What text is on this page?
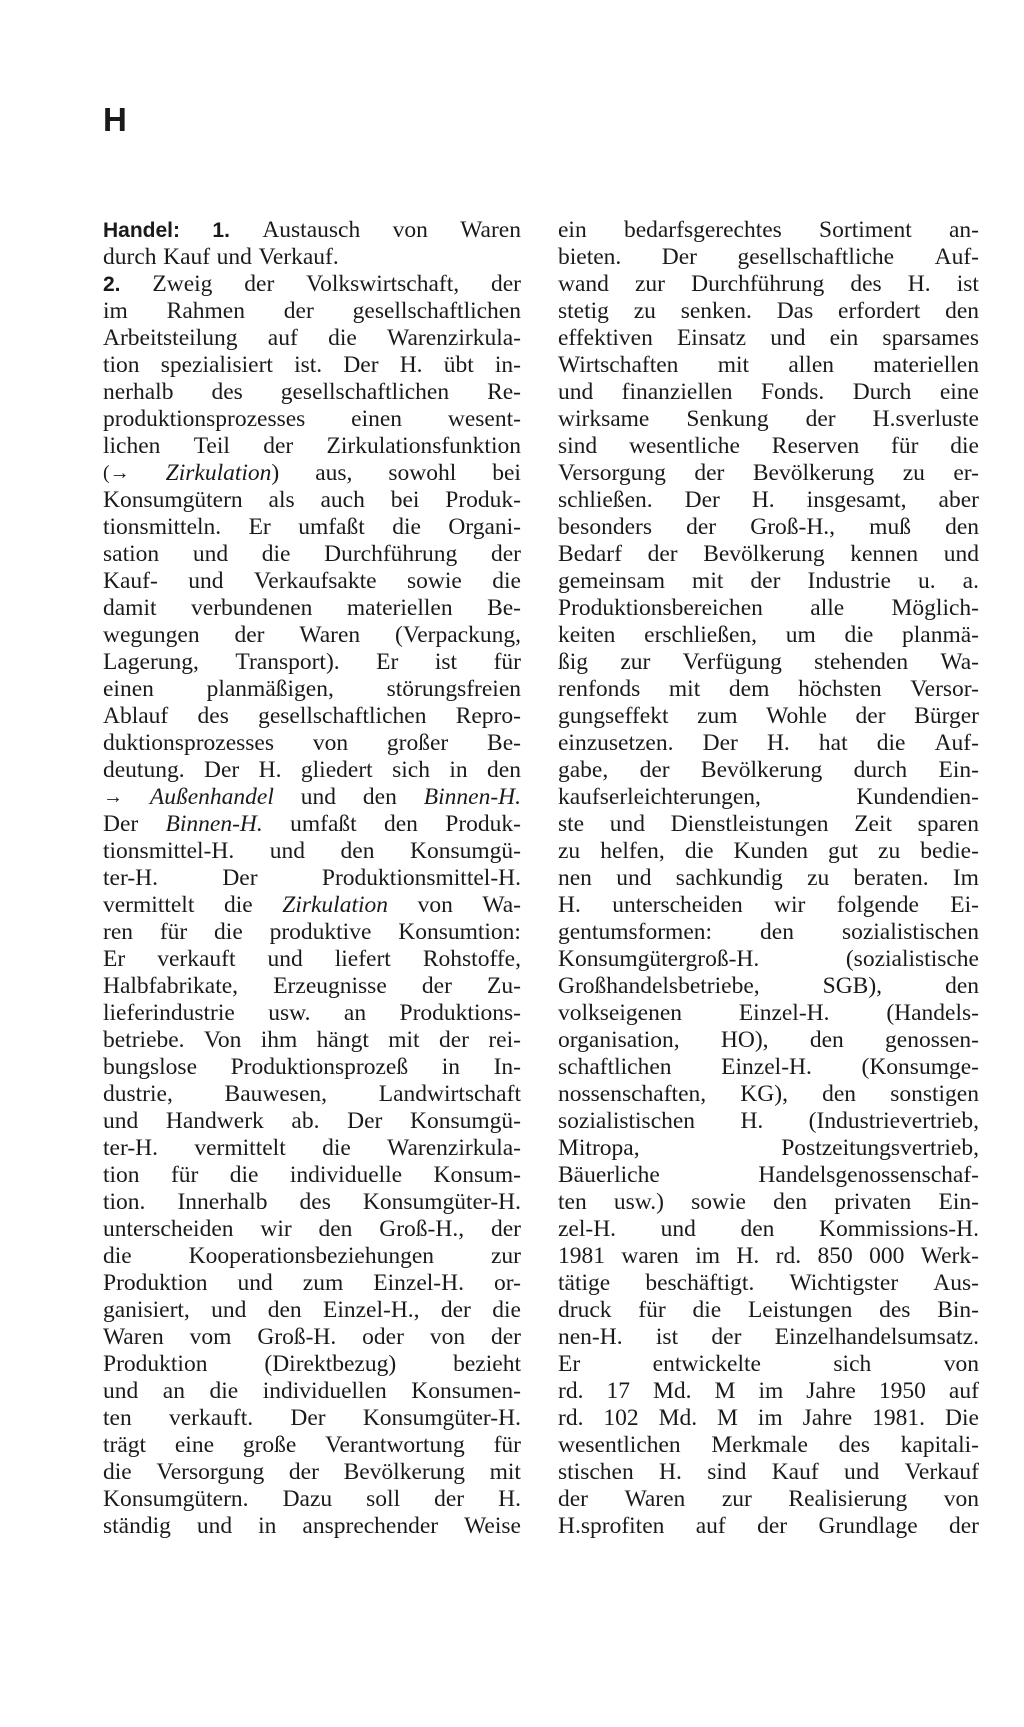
H
Handel: 1. Austausch von Waren
durch Kauf und Verkauf.
2. Zweig der Volkswirtschaft, der
im Rahmen der gesellschaftlichen
Arbeitsteilung auf die Warenzirkula-
tion spezialisiert ist. Der H. übt in-
nerhalb des gesellschaftlichen Re-
produktionsprozesses einen wesent-
lichen Teil der Zirkulationsfunktion
(→ Zirkulation) aus, sowohl bei
Konsumgütern als auch bei Produk-
tionsmitteln. Er umfaßt die Organi-
sation und die Durchführung der
Kauf- und Verkaufsakte sowie die
damit verbundenen materiellen Be-
wegungen der Waren (Verpackung,
Lagerung, Transport). Er ist für
einen planmäßigen, störungsfreien
Ablauf des gesellschaftlichen Repro-
duktionsprozesses von großer Be-
deutung. Der H. gliedert sich in den
→ Außenhandel und den Binnen-H.
Der Binnen-H. umfaßt den Produk-
tionsmittel-H. und den Konsumgü-
ter-H.	Der	Produktionsmittel-H.
vermittelt die Zirkulation von Wa-
ren für die produktive Konsumtion:
Er verkauft und liefert Rohstoffe,
Halbfabrikate, Erzeugnisse der Zu-
lieferindustrie usw. an Produktions-
betriebe. Von ihm hängt mit der rei-
bungslose Produktionsprozeß in In-
dustrie, Bauwesen, Landwirtschaft
und Handwerk ab. Der Konsumgü-
ter-H. vermittelt die Warenzirkula-
tion für die individuelle Konsum-
tion. Innerhalb des Konsumgüter-H.
unterscheiden wir den Groß-H., der
die Kooperationsbeziehungen zur
Produktion und zum Einzel-H. or-
ganisiert, und den Einzel-H., der die
Waren vom Groß-H. oder von der
Produktion (Direktbezug) bezieht
und an die individuellen Konsumen-
ten verkauft. Der Konsumgüter-H.
trägt eine große Verantwortung für
die Versorgung der Bevölkerung mit
Konsumgütern. Dazu soll der H.
ständig und in ansprechender Weise
ein bedarfsgerechtes Sortiment an-
bieten. Der gesellschaftliche Auf-
wand zur Durchführung des H. ist
stetig zu senken. Das erfordert den
effektiven Einsatz und ein sparsames
Wirtschaften mit allen materiellen
und finanziellen Fonds. Durch eine
wirksame Senkung der H.sverluste
sind wesentliche Reserven für die
Versorgung der Bevölkerung zu er-
schließen. Der H. insgesamt, aber
besonders der Groß-H., muß den
Bedarf der Bevölkerung kennen und
gemeinsam mit der Industrie u. a.
Produktionsbereichen alle Möglich-
keiten erschließen, um die planmä-
ßig zur Verfügung stehenden Wa-
renfonds mit dem höchsten Versor-
gungseffekt zum Wohle der Bürger
einzusetzen. Der H. hat die Auf-
gabe, der Bevölkerung durch Ein-
kaufserleichterungen,	Kundendien-
ste und Dienstleistungen Zeit sparen
zu helfen, die Kunden gut zu bedie-
nen und sachkundig zu beraten. Im
H. unterscheiden wir folgende Ei-
gentumsformen: den sozialistischen
Konsumgütergroß-H.	(sozialistische
Großhandelsbetriebe,	SGB),	den
volkseigenen Einzel-H. (Handels-
organisation, HO), den genossen-
schaftlichen Einzel-H. (Konsumge-
nossenschaften, KG), den sonstigen
sozialistischen H. (Industrievertrieb,
Mitropa,	Postzeitungsvertrieb,
Bäuerliche	Handelsgenossenschaf-
ten usw.) sowie den privaten Ein-
zel-H. und den Kommissions-H.
1981 waren im H. rd. 850 000 Werk-
tätige beschäftigt. Wichtigster Aus-
druck für die Leistungen des Bin-
nen-H. ist der Einzelhandelsumsatz.
Er	entwickelte	sich	von
rd. 17 Md. M im Jahre 1950 auf
rd. 102 Md. M im Jahre 1981. Die
wesentlichen Merkmale des kapitali-
stischen H. sind Kauf und Verkauf
der Waren zur Realisierung von
H.sprofiten auf der Grundlage der
